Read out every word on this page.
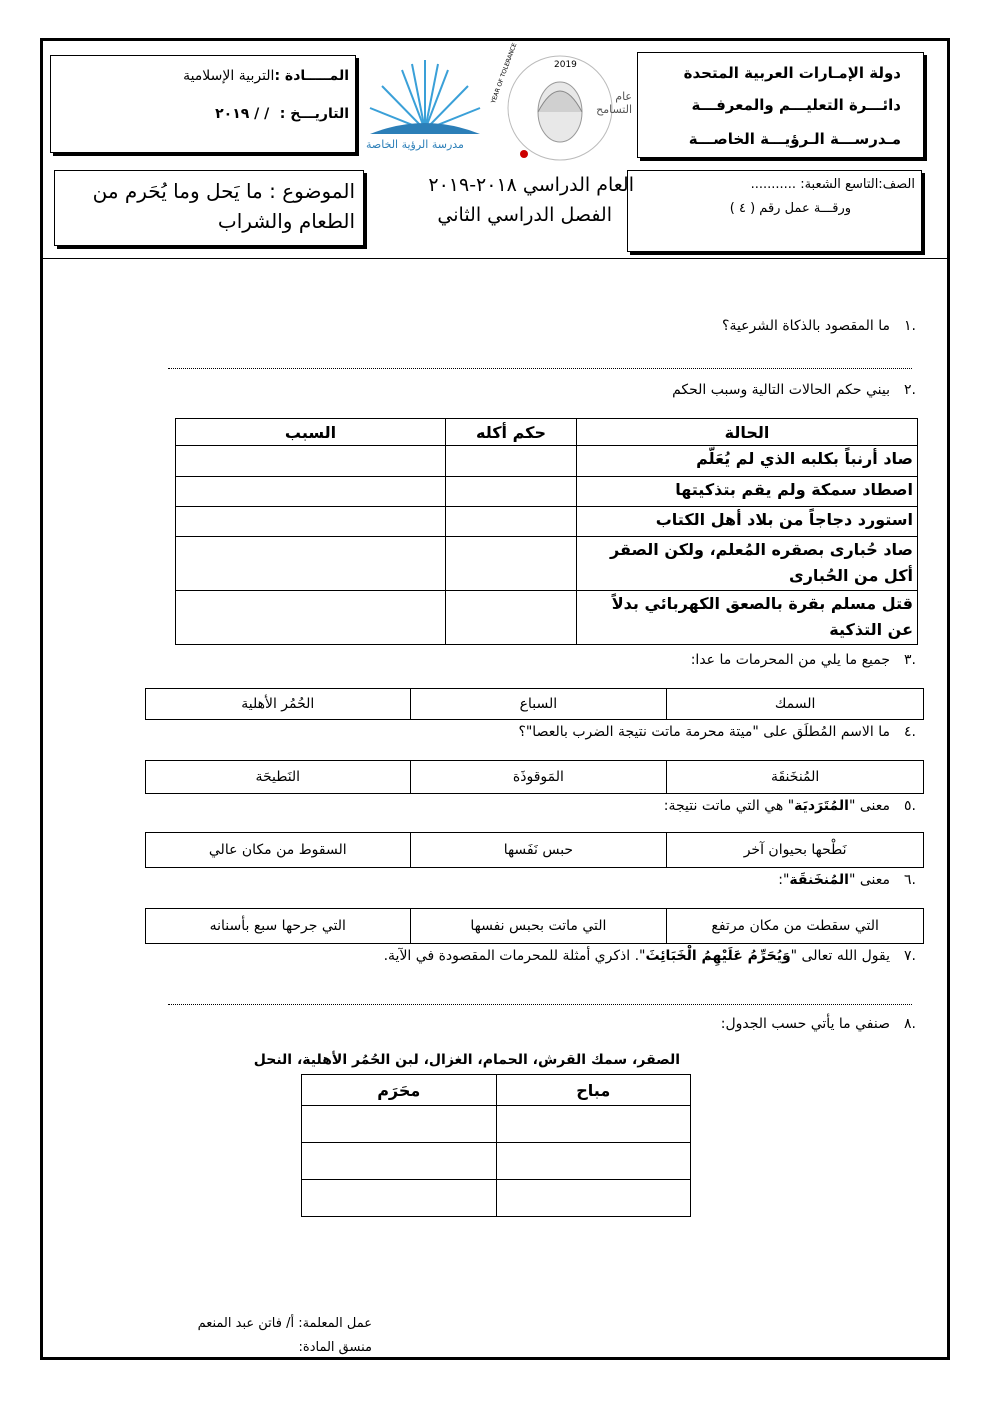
دولة الإمـارات العربية المتحدة
دائـــرة التعليـــم والمعرفـــة
مـدرســـة الـرؤيـــة الخاصـــة
2019
YEAR OF TOLERANCE	عام التسامح
مدرسة الرؤية الخاصة
المـــــادة :التربية الإسلامية
التاريـــخ : / / ٢٠١٩
الصف:التاسع الشعبة: ...........
ورقـــة عمل رقم ( ٤ )
العام الدراسي ٢٠١٨-٢٠١٩
الفصل الدراسي الثاني
الموضوع : ما يَحل وما يُحَرم من
الطعام والشراب
.١ما المقصود بالذكاة الشرعية؟
.٢بيني حكم الحالات التالية وسبب الحكم
الحالة	حكم أكله	السبب
صاد أرنباً بكلبه الذي لم يُعَلّم		
اصطاد سمكة ولم يقم بتذكيتها		
استورد دجاجاً من بلاد أهل الكتاب		
صاد حُبارى بصقره المُعلم، ولكن الصقر أكل من الحُبارى		
قتل مسلم بقرة بالصعق الكهربائي بدلاً عن التذكية		
.٣جميع ما يلي من المحرمات ما عدا:
السمك	السباع	الحُمُر الأهلية
.٤ما الاسم المُطلَق على "ميتة محرمة ماتت نتيجة الضرب بالعصا"؟
المُنخَنقَة	المَوقوذَة	النَطيحَة
.٥معنى "المُتَرَديَة" هي التي ماتت نتيجة:
نَطْحها بحيوان آخر	حبس نَفَسها	السقوط من مكان عالي
.٦معنى "المُنخَنقَة":
التي سقطت من مكان مرتفع	التي ماتت بحبس نفسها	التي جرحها سبع بأسنانه
.٧يقول الله تعالى "وَيُحَرِّمُ عَلَيْهِمُ الْخَبَائِثَ". اذكري أمثلة للمحرمات المقصودة في الآية.
.٨صنفي ما يأتي حسب الجدول:
الصقر، سمك القرش، الحمام، الغزال، لبن الحُمُر الأهلية، النحل
مباح	محَرَم

عمل المعلمة: أ/ فاتن عبد المنعم
منسق المادة:
